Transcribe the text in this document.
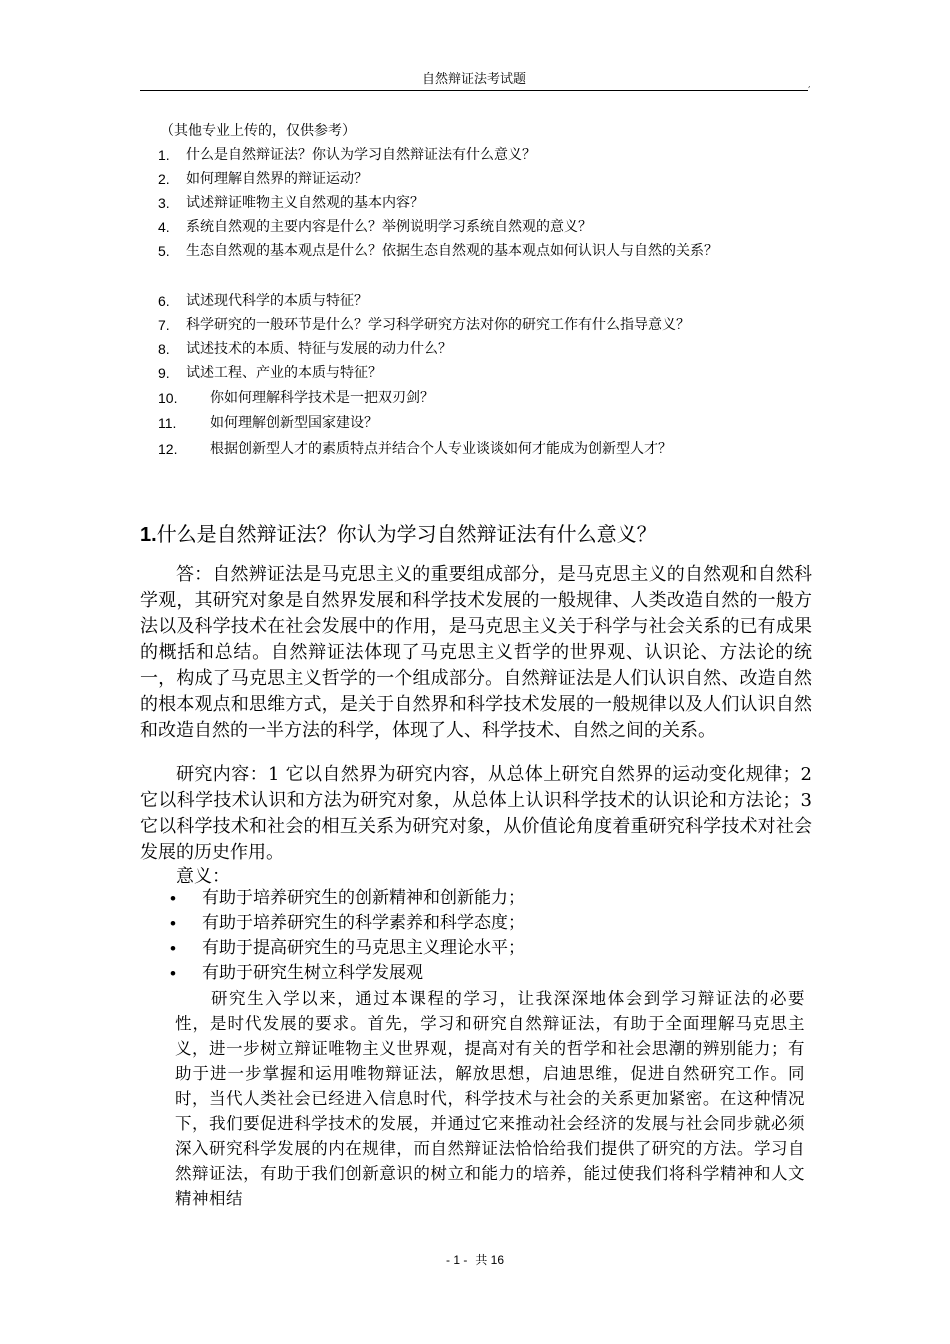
自然辩证法考试题	,
（其他专业上传的，仅供参考）
1.	什么是自然辩证法？你认为学习自然辩证法有什么意义？
2.	如何理解自然界的辩证运动？
3.	试述辩证唯物主义自然观的基本内容？
4.	系统自然观的主要内容是什么？举例说明学习系统自然观的意义？
5.	生态自然观的基本观点是什么？依据生态自然观的基本观点如何认识人与自然的关系？
6.	试述现代科学的本质与特征？
7.	科学研究的一般环节是什么？学习科学研究方法对你的研究工作有什么指导意义？
8.	试述技术的本质、特征与发展的动力什么？
9.	试述工程、产业的本质与特征？
10.	你如何理解科学技术是一把双刃剑？
11.	如何理解创新型国家建设？
12.	根据创新型人才的素质特点并结合个人专业谈谈如何才能成为创新型人才？
1.什么是自然辩证法？你认为学习自然辩证法有什么意义？
答：自然辨证法是马克思主义的重要组成部分，是马克思主义的自然观和自然科学观，其研究对象是自然界发展和科学技术发展的一般规律、人类改造自然的一般方法以及科学技术在社会发展中的作用，是马克思主义关于科学与社会关系的已有成果的概括和总结。自然辩证法体现了马克思主义哲学的世界观、认识论、方法论的统一，构成了马克思主义哲学的一个组成部分。自然辩证法是人们认识自然、改造自然的根本观点和思维方式，是关于自然界和科学技术发展的一般规律以及人们认识自然和改造自然的一半方法的科学，体现了人、科学技术、自然之间的关系。
研究内容：1 它以自然界为研究内容，从总体上研究自然界的运动变化规律；2 它以科学技术认识和方法为研究对象，从总体上认识科学技术的认识论和方法论；3 它以科学技术和社会的相互关系为研究对象，从价值论角度着重研究科学技术对社会发展的历史作用。
意义：
• 有助于培养研究生的创新精神和创新能力；
• 有助于培养研究生的科学素养和科学态度；
• 有助于提高研究生的马克思主义理论水平；
• 有助于研究生树立科学发展观
研究生入学以来，通过本课程的学习，让我深深地体会到学习辩证法的必要性，是时代发展的要求。首先，学习和研究自然辩证法，有助于全面理解马克思主义，进一步树立辩证唯物主义世界观，提高对有关的哲学和社会思潮的辨别能力；有助于进一步掌握和运用唯物辩证法，解放思想，启迪思维，促进自然研究工作。同时，当代人类社会已经进入信息时代，科学技术与社会的关系更加紧密。在这种情况下，我们要促进科学技术的发展，并通过它来推动社会经济的发展与社会同步就必须深入研究科学发展的内在规律，而自然辩证法恰恰给我们提供了研究的方法。学习自然辩证法，有助于我们创新意识的树立和能力的培养，能过使我们将科学精神和人文精神相结
- 1 - 共 16
